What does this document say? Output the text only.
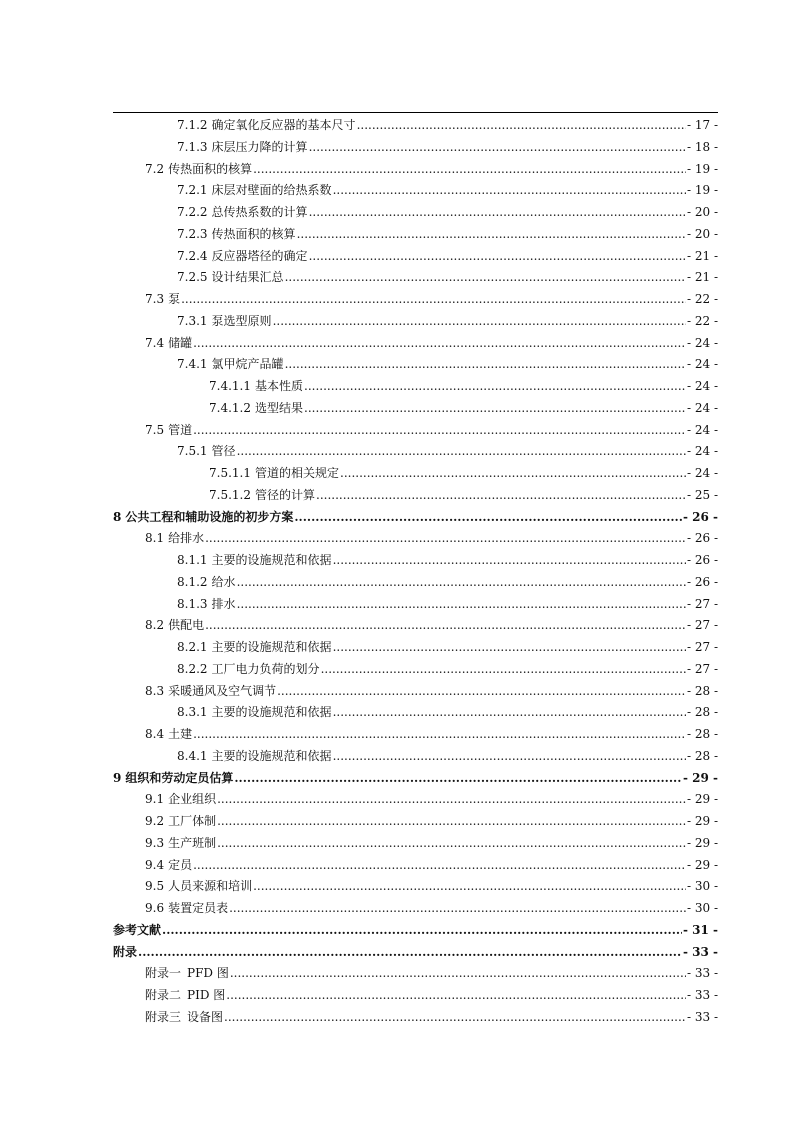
7.1.2 确定氧化反应器的基本尺寸 .....	- 17 -
7.1.3 床层压力降的计算 .....	- 18 -
7.2 传热面积的核算 .....	- 19 -
7.2.1 床层对壁面的给热系数 .....	- 19 -
7.2.2 总传热系数的计算 .....	- 20 -
7.2.3 传热面积的核算 .....	- 20 -
7.2.4 反应器塔径的确定 .....	- 21 -
7.2.5 设计结果汇总 .....	- 21 -
7.3 泵 .....	- 22 -
7.3.1 泵选型原则 .....	- 22 -
7.4 储罐 .....	- 24 -
7.4.1 氯甲烷产品罐 .....	- 24 -
7.4.1.1 基本性质 .....	- 24 -
7.4.1.2 选型结果 .....	- 24 -
7.5 管道 .....	- 24 -
7.5.1 管径 .....	- 24 -
7.5.1.1 管道的相关规定 .....	- 24 -
7.5.1.2 管径的计算 .....	- 25 -
8 公共工程和辅助设施的初步方案 .....	- 26 -
8.1 给排水 .....	- 26 -
8.1.1 主要的设施规范和依据 .....	- 26 -
8.1.2 给水 .....	- 26 -
8.1.3 排水 .....	- 27 -
8.2 供配电 .....	- 27 -
8.2.1 主要的设施规范和依据 .....	- 27 -
8.2.2 工厂电力负荷的划分 .....	- 27 -
8.3 采暖通风及空气调节 .....	- 28 -
8.3.1 主要的设施规范和依据 .....	- 28 -
8.4 土建 .....	- 28 -
8.4.1 主要的设施规范和依据 .....	- 28 -
9 组织和劳动定员估算 .....	- 29 -
9.1 企业组织 .....	- 29 -
9.2 工厂体制 .....	- 29 -
9.3 生产班制 .....	- 29 -
9.4 定员 .....	- 29 -
9.5 人员来源和培训 .....	- 30 -
9.6 装置定员表 .....	- 30 -
参考文献 .....	- 31 -
附录 .....	- 33 -
附录一 PFD 图 .....	- 33 -
附录二 PID 图 .....	- 33 -
附录三 设备图 .....	- 33 -
